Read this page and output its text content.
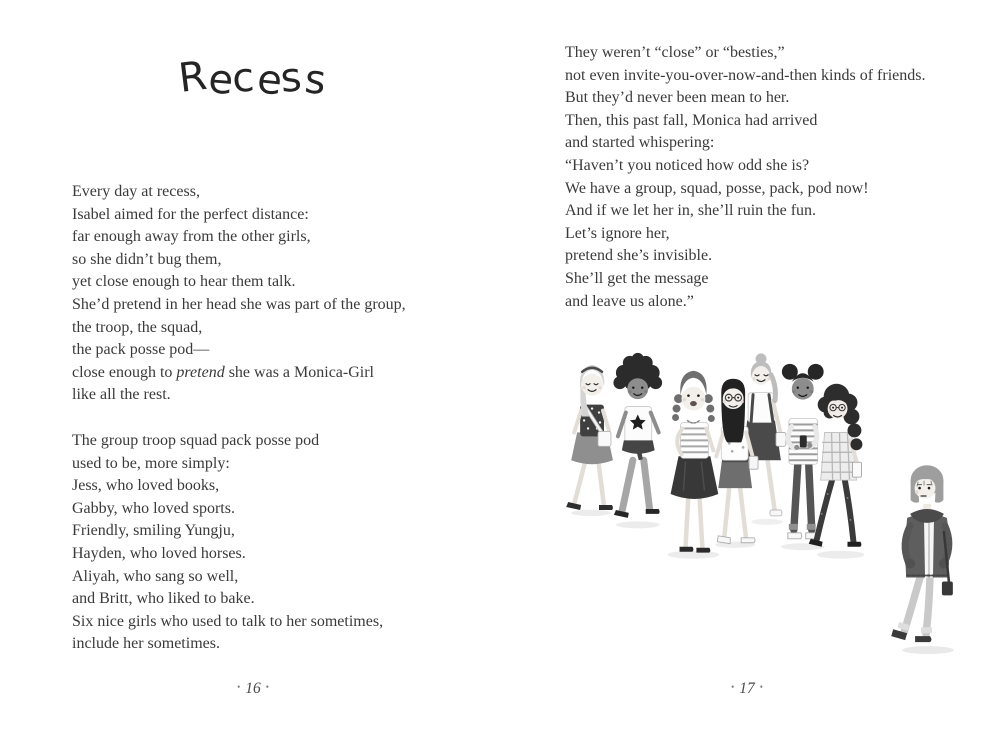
Recess
Every day at recess,
Isabel aimed for the perfect distance:
far enough away from the other girls,
so she didn’t bug them,
yet close enough to hear them talk.
She’d pretend in her head she was part of the group,
the troop, the squad,
the pack posse pod—
close enough to pretend she was a Monica-Girl
like all the rest.
The group troop squad pack posse pod
used to be, more simply:
Jess, who loved books,
Gabby, who loved sports.
Friendly, smiling Yungju,
Hayden, who loved horses.
Aliyah, who sang so well,
and Britt, who liked to bake.
Six nice girls who used to talk to her sometimes,
include her sometimes.
They weren’t “close” or “besties,”
not even invite-you-over-now-and-then kinds of friends.
But they’d never been mean to her.
Then, this past fall, Monica had arrived
and started whispering:
“Haven’t you noticed how odd she is?
We have a group, squad, posse, pack, pod now!
And if we let her in, she’ll ruin the fun.
Let’s ignore her,
pretend she’s invisible.
She’ll get the message
and leave us alone.”
• 16 •	• 17 •
